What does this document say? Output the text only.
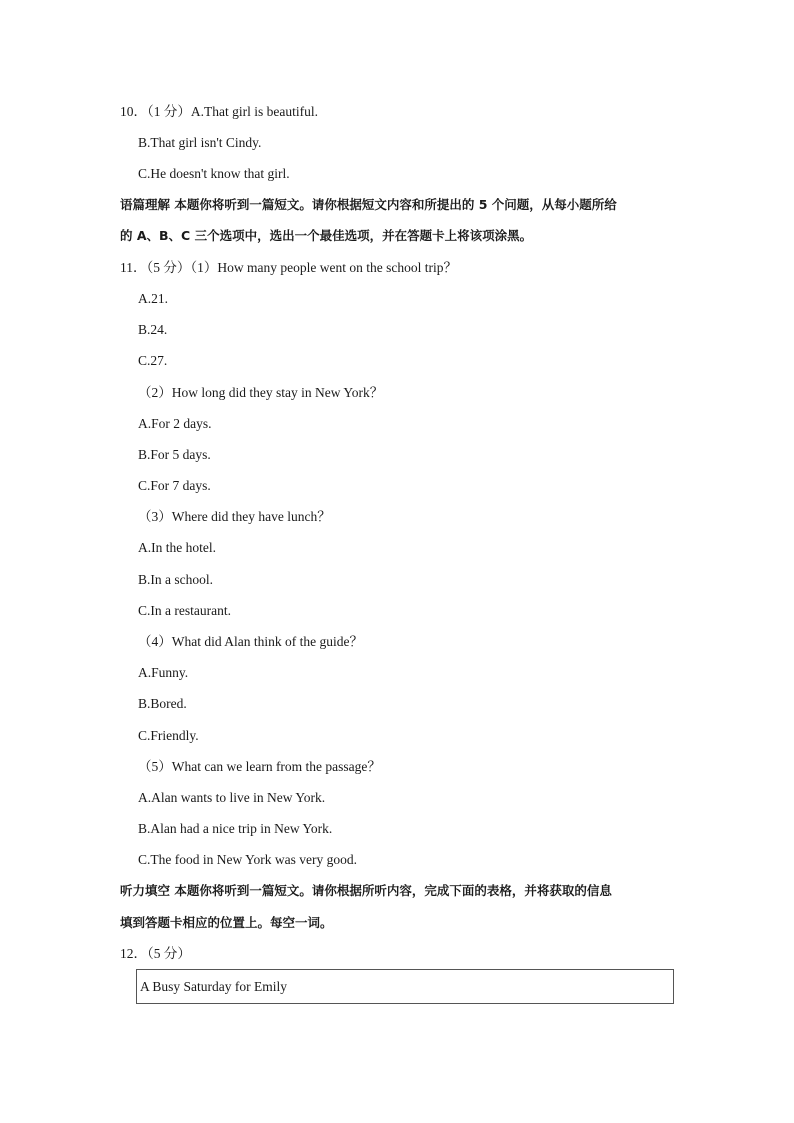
10．（1 分）A.That girl is beautiful.
B.That girl isn't Cindy.
C.He doesn't know that girl.
语篇理解 本题你将听到一篇短文。请你根据短文内容和所提出的 5 个问题，从每小题所给
的 A、B、C 三个选项中，选出一个最佳选项，并在答题卡上将该项涂黑。
11．（5 分）（1）How many people went on the school trip？
A.21.
B.24.
C.27.
（2）How long did they stay in New York？
A.For 2 days.
B.For 5 days.
C.For 7 days.
（3）Where did they have lunch？
A.In the hotel.
B.In a school.
C.In a restaurant.
（4）What did Alan think of the guide？
A.Funny.
B.Bored.
C.Friendly.
（5）What can we learn from the passage？
A.Alan wants to live in New York.
B.Alan had a nice trip in New York.
C.The food in New York was very good.
听力填空 本题你将听到一篇短文。请你根据所听内容，完成下面的表格，并将获取的信息
填到答题卡相应的位置上。每空一词。
12．（5 分）
A Busy Saturday for Emily
